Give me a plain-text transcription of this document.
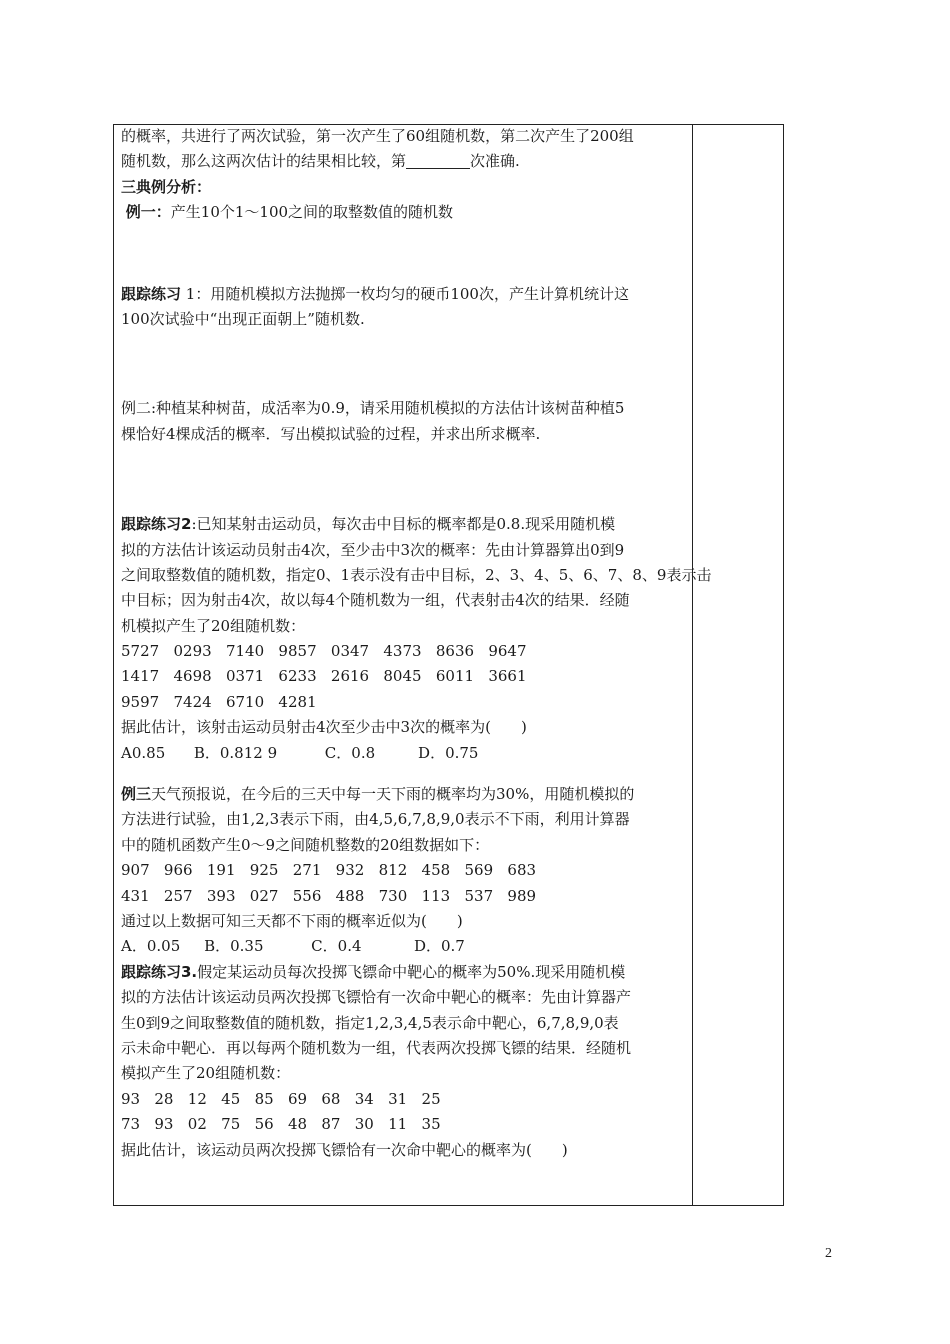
的概率，共进行了两次试验，第一次产生了60组随机数，第二次产生了200组
随机数，那么这两次估计的结果相比较，第	次准确.
三典例分析：
例一：产生10个1～100之间的取整数值的随机数
跟踪练习 1：用随机模拟方法抛掷一枚均匀的硬币100次，产生计算机统计这
100次试验中“出现正面朝上”随机数.
例二:种植某种树苗，成活率为0.9，请采用随机模拟的方法估计该树苗种植5
棵恰好4棵成活的概率．写出模拟试验的过程，并求出所求概率.
跟踪练习2:已知某射击运动员，每次击中目标的概率都是0.8.现采用随机模
拟的方法估计该运动员射击4次，至少击中3次的概率：先由计算器算出0到9
之间取整数值的随机数，指定0、1表示没有击中目标，2、3、4、5、6、7、8、9表示击
中目标；因为射击4次，故以每4个随机数为一组，代表射击4次的结果．经随
机模拟产生了20组随机数：
5727   0293   7140   9857   0347   4373   8636   9647
1417   4698   0371   6233   2616   8045   6011   3661
9597   7424   6710   4281
据此估计，该射击运动员射击4次至少击中3次的概率为(　　)
A0.85      B．0.812 9          C．0.8         D．0.75
例三天气预报说，在今后的三天中每一天下雨的概率均为30%，用随机模拟的
方法进行试验，由1,2,3表示下雨，由4,5,6,7,8,9,0表示不下雨，利用计算器
中的随机函数产生0～9之间随机整数的20组数据如下：
907   966   191   925   271   932   812   458   569   683
431   257   393   027   556   488   730   113   537   989
通过以上数据可知三天都不下雨的概率近似为(　　)
A．0.05     B．0.35          C．0.4           D．0.7
跟踪练习3.假定某运动员每次投掷飞镖命中靶心的概率为50%.现采用随机模
拟的方法估计该运动员两次投掷飞镖恰有一次命中靶心的概率：先由计算器产
生0到9之间取整数值的随机数，指定1,2,3,4,5表示命中靶心，6,7,8,9,0表
示未命中靶心．再以每两个随机数为一组，代表两次投掷飞镖的结果．经随机
模拟产生了20组随机数：
93   28   12   45   85   69   68   34   31   25
73   93   02   75   56   48   87   30   11   35
据此估计，该运动员两次投掷飞镖恰有一次命中靶心的概率为(　　)
2
